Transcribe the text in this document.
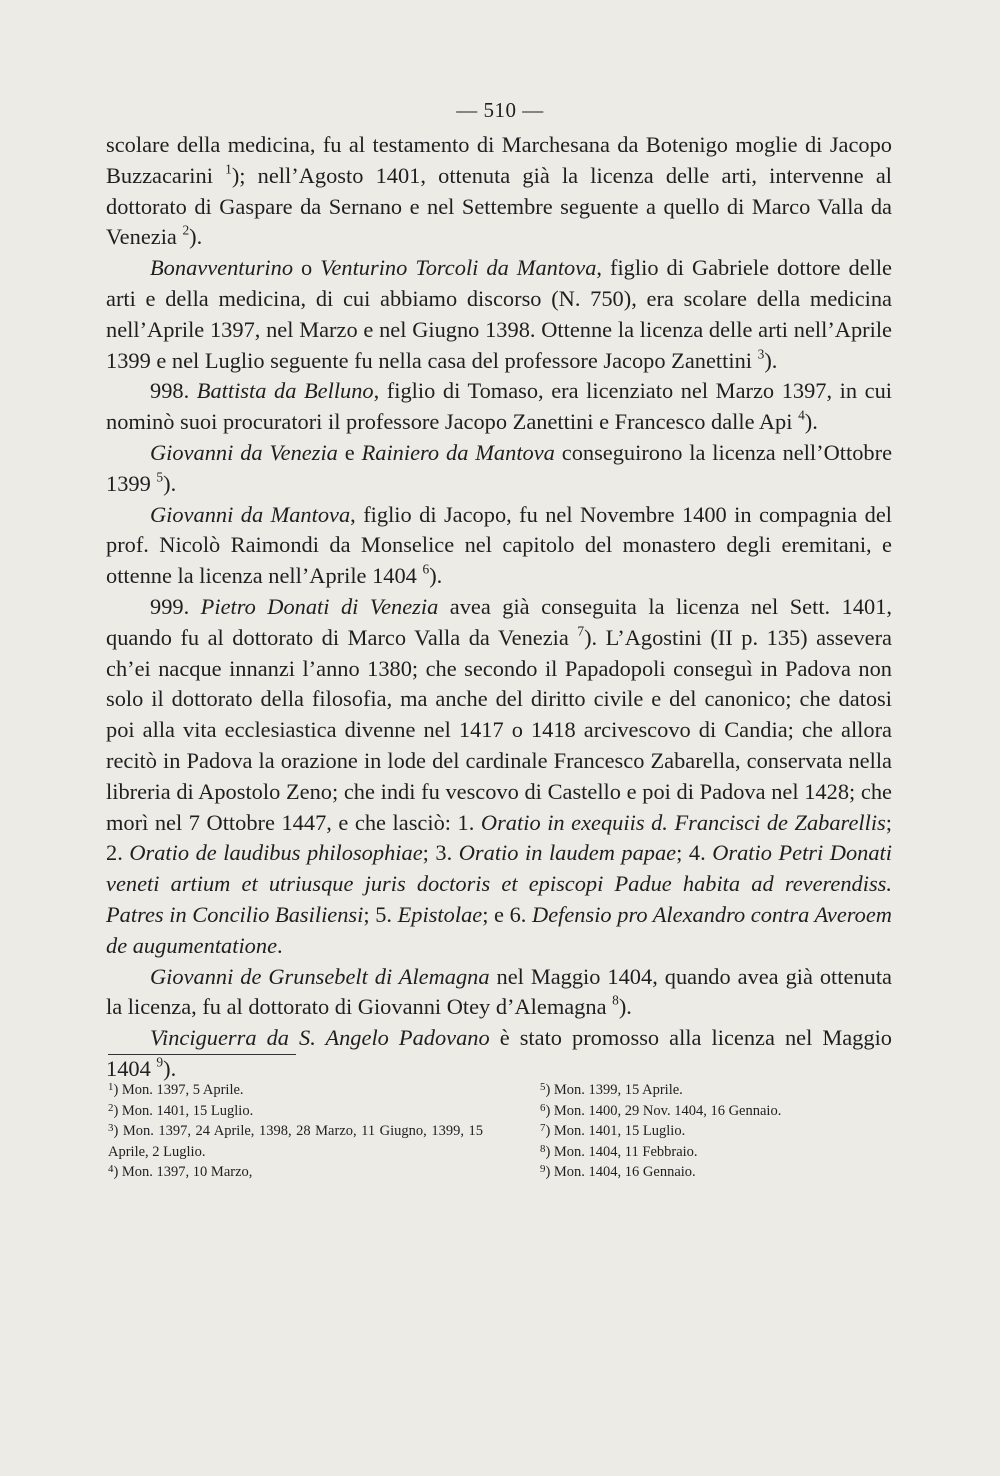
— 510 —

scolare della medicina, fu al testamento di Marchesana da Botenigo moglie di Jacopo Buzzacarini $^1$); nell’Agosto 1401, ottenuta già la licenza delle arti, intervenne al dottorato di Gaspare da Sernano e nel Settembre seguente a quello di Marco Valla da Venezia $^2$).

Bonavventurino o Venturino Torcoli da Mantova, figlio di Gabriele dottore delle arti e della medicina, di cui abbiamo discorso (N. 750), era scolare della medicina nell’Aprile 1397, nel Marzo e nel Giugno 1398. Ottenne la licenza delle arti nell’Aprile 1399 e nel Luglio seguente fu nella casa del professore Jacopo Zanettini $^3$).

998. Battista da Belluno, figlio di Tomaso, era licenziato nel Marzo 1397, in cui nominò suoi procuratori il professore Jacopo Zanettini e Francesco dalle Api $^4$).

Giovanni da Venezia e Rainiero da Mantova conseguirono la licenza nell’Ottobre 1399 $^5$).

Giovanni da Mantova, figlio di Jacopo, fu nel Novembre 1400 in compagnia del prof. Nicolò Raimondi da Monselice nel capitolo del monastero degli eremitani, e ottenne la licenza nell’Aprile 1404 $^6$).

999. Pietro Donati di Venezia avea già conseguita la licenza nel Sett. 1401, quando fu al dottorato di Marco Valla da Venezia $^7$). L’Agostini (II p. 135) assevera ch’ei nacque innanzi l’anno 1380; che secondo il Papadopoli conseguì in Padova non solo il dottorato della filosofia, ma anche del diritto civile e del canonico; che datosi poi alla vita ecclesiastica divenne nel 1417 o 1418 arcivescovo di Candia; che allora recitò in Padova la orazione in lode del cardinale Francesco Zabarella, conservata nella libreria di Apostolo Zeno; che indi fu vescovo di Castello e poi di Padova nel 1428; che morì nel 7 Ottobre 1447, e che lasciò: 1. Oratio in exequiis d. Francisci de Zabarellis; 2. Oratio de laudibus philosophiae; 3. Oratio in laudem papae; 4. Oratio Petri Donati veneti artium et utriusque juris doctoris et episcopi Padue habita ad reverendiss. Patres in Concilio Basiliensi; 5. Epistolae; e 6. Defensio pro Alexandro contra Averoem de augumentatione.

Giovanni de Grunsebelt di Alemagna nel Maggio 1404, quando avea già ottenuta la licenza, fu al dottorato di Giovanni Otey d’Alemagna $^8$).

Vinciguerra da S. Angelo Padovano è stato promosso alla licenza nel Maggio 1404 $^9$).

$^1$) Mon. 1397, 5 Aprile.

$^2$) Mon. 1401, 15 Luglio.

$^3$) Mon. 1397, 24 Aprile, 1398, 28 Marzo, 11 Giugno, 1399, 15 Aprile, 2 Luglio.

$^4$) Mon. 1397, 10 Marzo,

$^5$) Mon. 1399, 15 Aprile.

$^6$) Mon. 1400, 29 Nov. 1404, 16 Gennaio.

$^7$) Mon. 1401, 15 Luglio.

$^8$) Mon. 1404, 11 Febbraio.

$^9$) Mon. 1404, 16 Gennaio.
